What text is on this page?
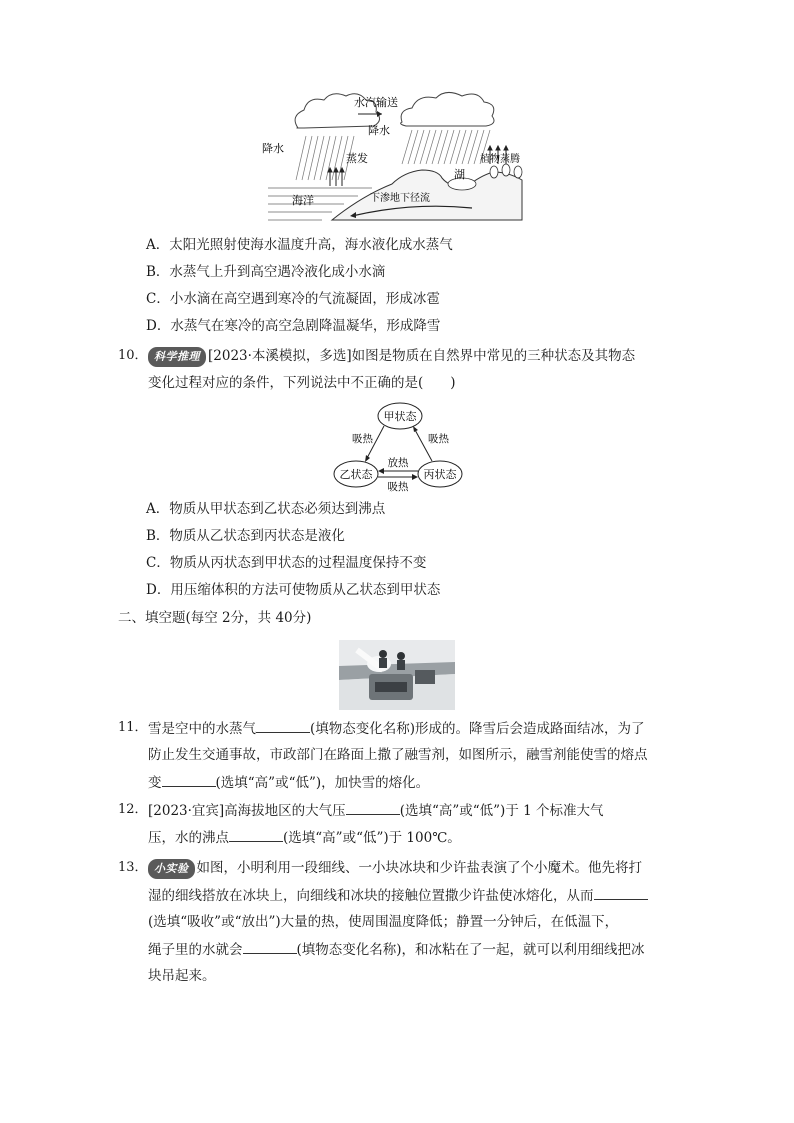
水汽输送
降水
降水
蒸发
湖
植物蒸腾
海洋	下渗地下径流
A．太阳光照射使海水温度升高，海水液化成水蒸气
B．水蒸气上升到高空遇冷液化成小水滴
C．小水滴在高空遇到寒冷的气流凝固，形成冰雹
D．水蒸气在寒冷的高空急剧降温凝华，形成降雪
10． 科学推理 [2023·本溪模拟，多选]如图是物质在自然界中常见的三种状态及其物态
变化过程对应的条件，下列说法中不正确的是(　　)
甲状态
乙状态	丙状态
吸热	吸热
放热
吸热
A．物质从甲状态到乙状态必须达到沸点
B．物质从乙状态到丙状态是液化
C．物质从丙状态到甲状态的过程温度保持不变
D．用压缩体积的方法可使物质从乙状态到甲状态
二、填空题(每空 2分，共 40分)
11． 雪是空中的水蒸气	(填物态变化名称)形成的。降雪后会造成路面结冰，为了
防止发生交通事故，市政部门在路面上撒了融雪剂，如图所示，融雪剂能使雪的熔点
变	(选填“高”或“低”)，加快雪的熔化。
12． [2023·宜宾]高海拔地区的大气压	(选填“高”或“低”)于 1 个标准大气
压，水的沸点	(选填“高”或“低”)于 100℃。
13． 小实验 如图，小明利用一段细线、一小块冰块和少许盐表演了个小魔术。他先将打
湿的细线搭放在冰块上，向细线和冰块的接触位置撒少许盐使冰熔化，从而
(选填“吸收”或“放出”)大量的热，使周围温度降低；静置一分钟后，在低温下，
绳子里的水就会	(填物态变化名称)，和冰粘在了一起，就可以利用细线把冰
块吊起来。
